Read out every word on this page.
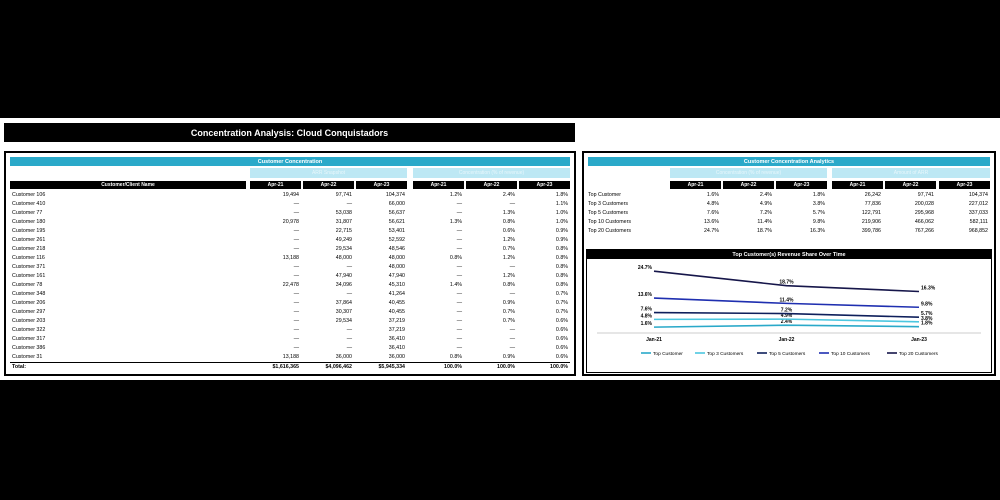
Concentration Analysis: Cloud Conquistadors
Customer Concentration
ARR Snapshot	Concentration (% of revenue)
Customer/Client Name	Apr-21	Apr-22	Apr-23	Apr-21	Apr-22	Apr-23
Customer 106	19,494	97,741	104,374	1.2%	2.4%	1.8%
Customer 410	—	—	66,000	—	—	1.1%
Customer 77	—	53,038	56,637	—	1.3%	1.0%
Customer 180	20,978	31,807	56,621	1.3%	0.8%	1.0%
Customer 195	—	22,715	53,401	—	0.6%	0.9%
Customer 261	—	49,249	52,592	—	1.2%	0.9%
Customer 218	—	29,534	48,546	—	0.7%	0.8%
Customer 116	13,188	48,000	48,000	0.8%	1.2%	0.8%
Customer 371	—	—	48,000	—	—	0.8%
Customer 161	—	47,940	47,940	—	1.2%	0.8%
Customer 78	22,478	34,096	45,310	1.4%	0.8%	0.8%
Customer 348	—	—	41,264	—	—	0.7%
Customer 206	—	37,864	40,455	—	0.9%	0.7%
Customer 297	—	30,307	40,455	—	0.7%	0.7%
Customer 203	—	29,534	37,219	—	0.7%	0.6%
Customer 322	—	—	37,219	—	—	0.6%
Customer 317	—	—	36,410	—	—	0.6%
Customer 386	—	—	36,410	—	—	0.6%
Customer 31	13,188	36,000	36,000	0.8%	0.9%	0.6%
Total:	$1,616,365	$4,096,462	$5,945,334	100.0%	100.0%	100.0%
Customer Concentration Analytics
Concentration (% of revenue)	Amount of ARR
Apr-21	Apr-22	Apr-23	Apr-21	Apr-22	Apr-23
Top Customer	1.6%	2.4%	1.8%	26,242	97,741	104,374
Top 3 Customers	4.8%	4.9%	3.8%	77,836	200,028	227,012
Top 5 Customers	7.6%	7.2%	5.7%	122,791	295,968	337,033
Top 10 Customers	13.6%	11.4%	9.8%	219,906	466,062	582,111
Top 20 Customers	24.7%	18.7%	16.3%	399,786	767,266	968,852
Top Customer(s) Revenue Share Over Time
Jan-21	Jan-22	Jan-23
1.6%	2.4%	1.8%
4.8%	4.9%	3.8%
7.6%	7.2%
5.7%
13.6%
11.4%
9.8%
24.7%
18.7%
16.3%
Top Customer	Top 3 Customers	Top 5 Customers	Top 10 Customers	Top 20 Customers
